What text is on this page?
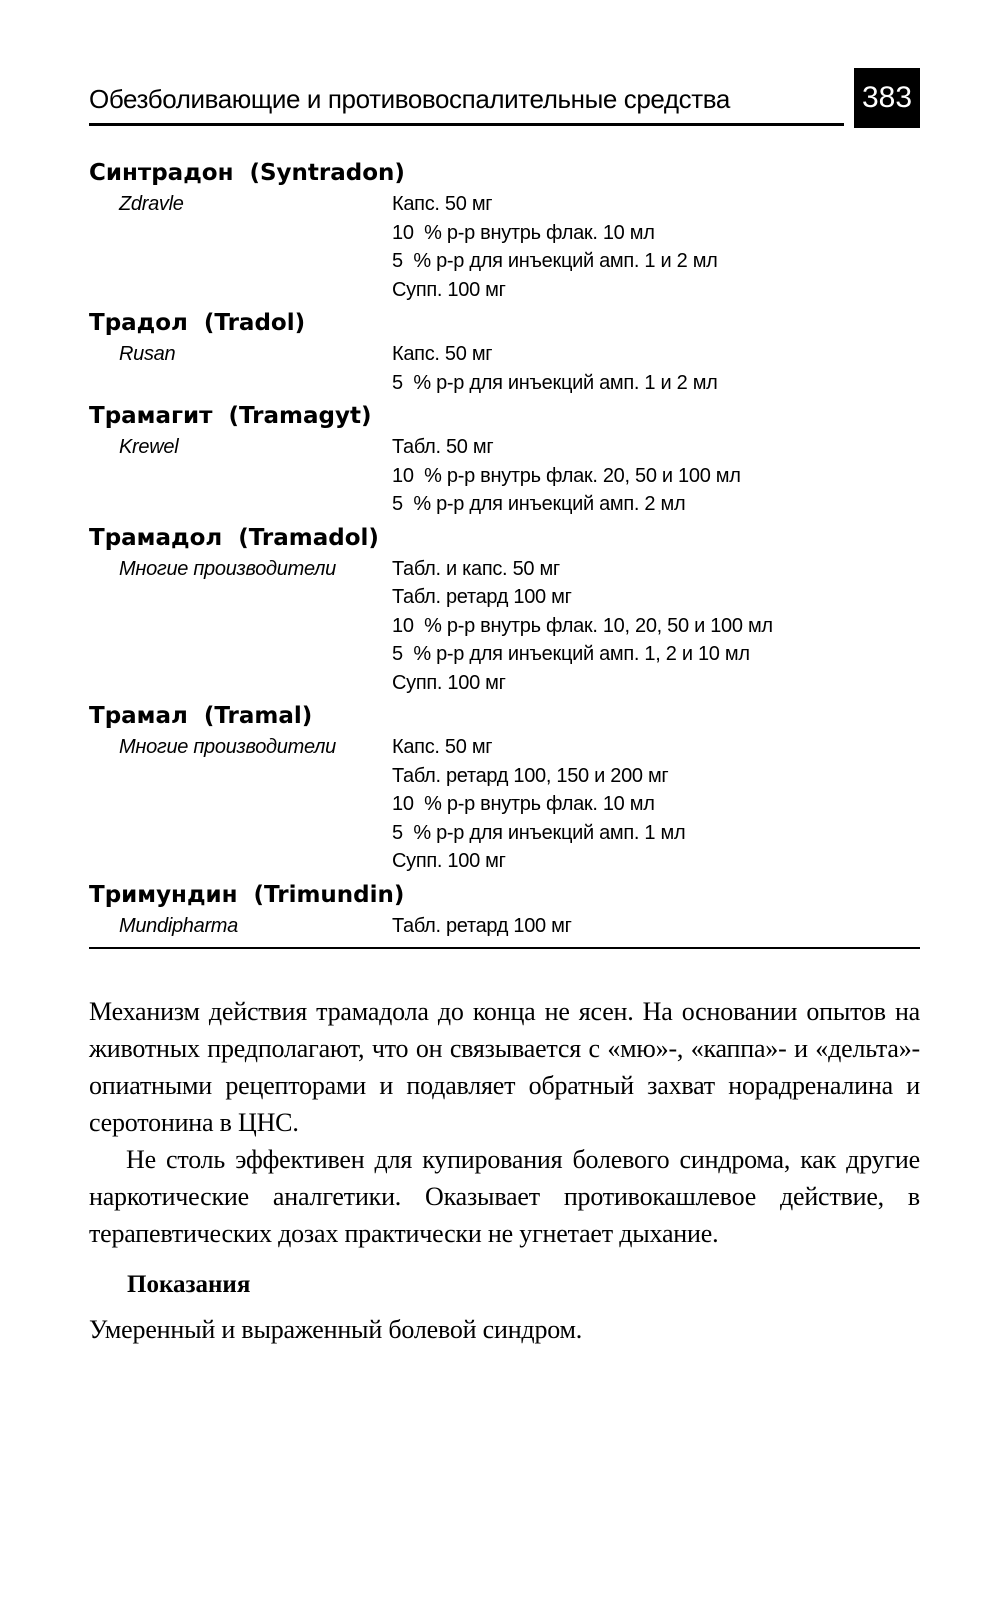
Обезболивающие и противовоспалительные средства	383
Синтрадон  (Syntradon)
Zdravle	Капс. 50 мг
10  % р-р внутрь флак. 10 мл
5  % р-р для инъекций амп. 1 и 2 мл
Супп. 100 мг
Традол  (Tradol)
Rusan	Капс. 50 мг
5  % р-р для инъекций амп. 1 и 2 мл
Трамагит  (Tramagyt)
Krewel	Табл. 50 мг
10  % р-р внутрь флак. 20, 50 и 100 мл
5  % р-р для инъекций амп. 2 мл
Трамадол  (Tramadol)
Многие производители	Табл. и капс. 50 мг
Табл. ретард 100 мг
10  % р-р внутрь флак. 10, 20, 50 и 100 мл
5  % р-р для инъекций амп. 1, 2 и 10 мл
Супп. 100 мг
Трамал  (Tramal)
Многие производители	Капс. 50 мг
Табл. ретард 100, 150 и 200 мг
10  % р-р внутрь флак. 10 мл
5  % р-р для инъекций амп. 1 мл
Супп. 100 мг
Тримундин  (Trimundin)
Mundipharma	Табл. ретард 100 мг

Механизм действия трамадола до конца не ясен. На основании опытов на животных предполагают, что он связывается с «мю»-, «каппа»- и «дельта»-опиатными рецепторами и подавляет обратный захват норадреналина и серотонина в ЦНС.

Не столь эффективен для купирования болевого синдрома, как другие наркотические аналгетики. Оказывает противокашлевое действие, в терапевтических дозах практически не угнетает дыхание.

Показания

Умеренный и выраженный болевой синдром.
